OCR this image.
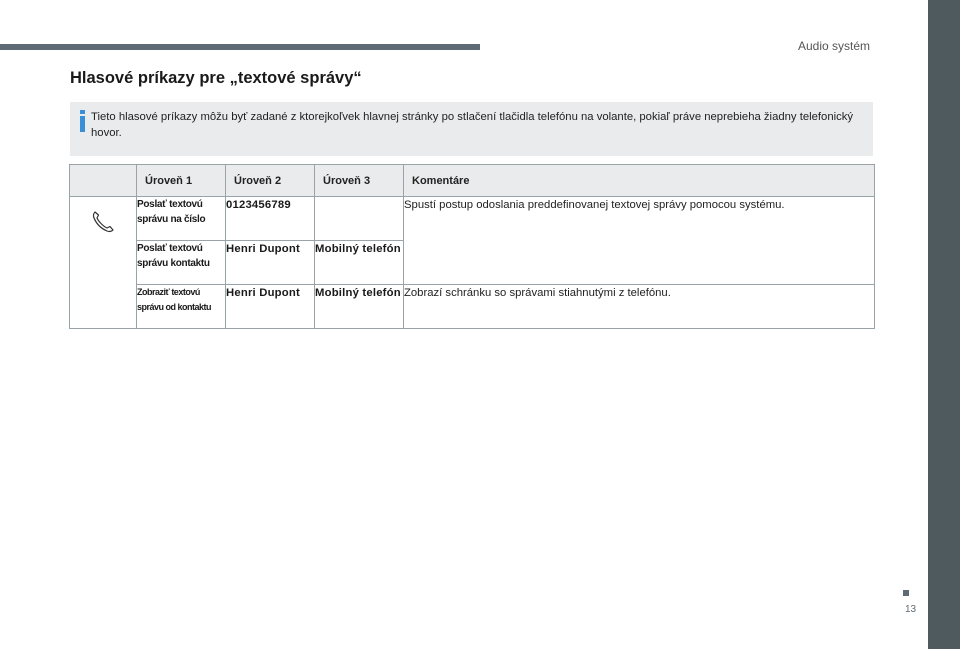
Audio systém
Hlasové príkazy pre „textové správy“
Tieto hlasové príkazy môžu byť zadané z ktorejkoľvek hlavnej stránky po stlačení tlačidla telefónu na volante, pokiaľ práve neprebieha žiadny telefonický hovor.
	Úroveň 1	Úroveň 2	Úroveň 3	Komentáre

	Poslať textovú správu na číslo	0123456789		Spustí postup odoslania preddefinovanej textovej správy pomocou systému.
	Poslať textovú správu kontaktu	Henri Dupont	Mobilný telefón	
	Zobraziť textovú správu od kontaktu	Henri Dupont	Mobilný telefón	Zobrazí schránku so správami stiahnutými z telefónu.
13
